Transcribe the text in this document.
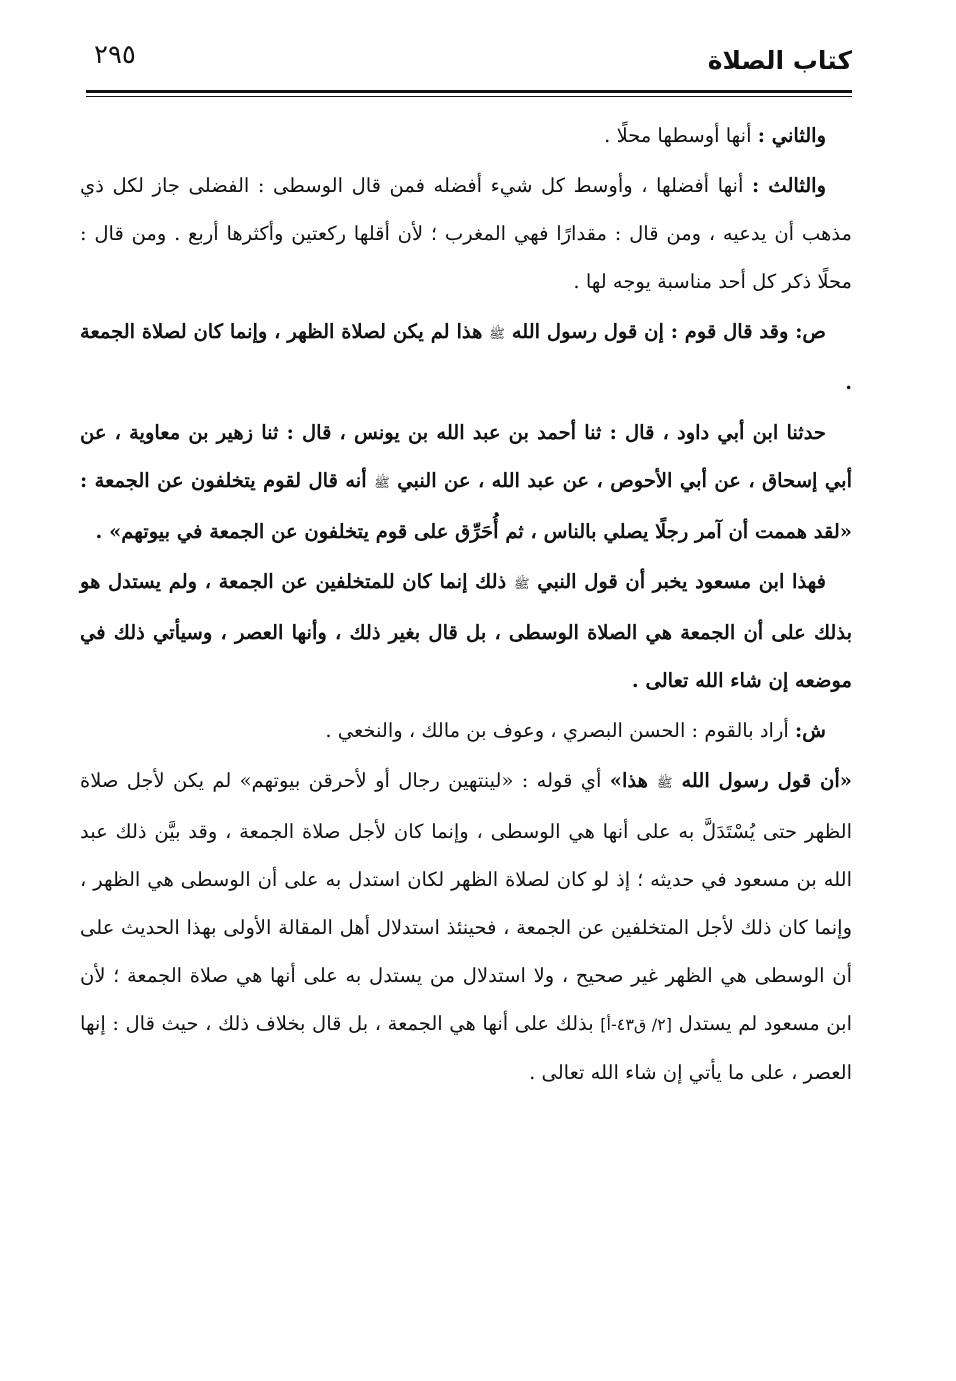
كتاب الصلاة
٢٩٥

والثاني : أنها أوسطها محلًا .

والثالث : أنها أفضلها ، وأوسط كل شيء أفضله فمن قال الوسطى : الفضلى جاز لكل ذي مذهب أن يدعيه ، ومن قال : مقدارًا فهي المغرب ؛ لأن أقلها ركعتين وأكثرها أربع . ومن قال : محلًا ذكر كل أحد مناسبة يوجه لها .

ص: وقد قال قوم : إن قول رسول الله ﷺ هذا لم يكن لصلاة الظهر ، وإنما كان لصلاة الجمعة .

حدثنا ابن أبي داود ، قال : ثنا أحمد بن عبد الله بن يونس ، قال : ثنا زهير بن معاوية ، عن أبي إسحاق ، عن أبي الأحوص ، عن عبد الله ، عن النبي ﷺ أنه قال لقوم يتخلفون عن الجمعة : «لقد هممت أن آمر رجلًا يصلي بالناس ، ثم أُحَرِّق على قوم يتخلفون عن الجمعة في بيوتهم» .

فهذا ابن مسعود يخبر أن قول النبي ﷺ ذلك إنما كان للمتخلفين عن الجمعة ، ولم يستدل هو بذلك على أن الجمعة هي الصلاة الوسطى ، بل قال بغير ذلك ، وأنها العصر ، وسيأتي ذلك في موضعه إن شاء الله تعالى .

ش: أراد بالقوم : الحسن البصري ، وعوف بن مالك ، والنخعي .

«أن قول رسول الله ﷺ هذا» أي قوله : «لينتهين رجال أو لأحرقن بيوتهم» لم يكن لأجل صلاة الظهر حتى يُسْتَدَلَّ به على أنها هي الوسطى ، وإنما كان لأجل صلاة الجمعة ، وقد بيَّن ذلك عبد الله بن مسعود في حديثه ؛ إذ لو كان لصلاة الظهر لكان استدل به على أن الوسطى هي الظهر ، وإنما كان ذلك لأجل المتخلفين عن الجمعة ، فحينئذ استدلال أهل المقالة الأولى بهذا الحديث على أن الوسطى هي الظهر غير صحيح ، ولا استدلال من يستدل به على أنها هي صلاة الجمعة ؛ لأن ابن مسعود لم يستدل [٢/ ق٤٣-أ] بذلك على أنها هي الجمعة ، بل قال بخلاف ذلك ، حيث قال : إنها العصر ، على ما يأتي إن شاء الله تعالى .
